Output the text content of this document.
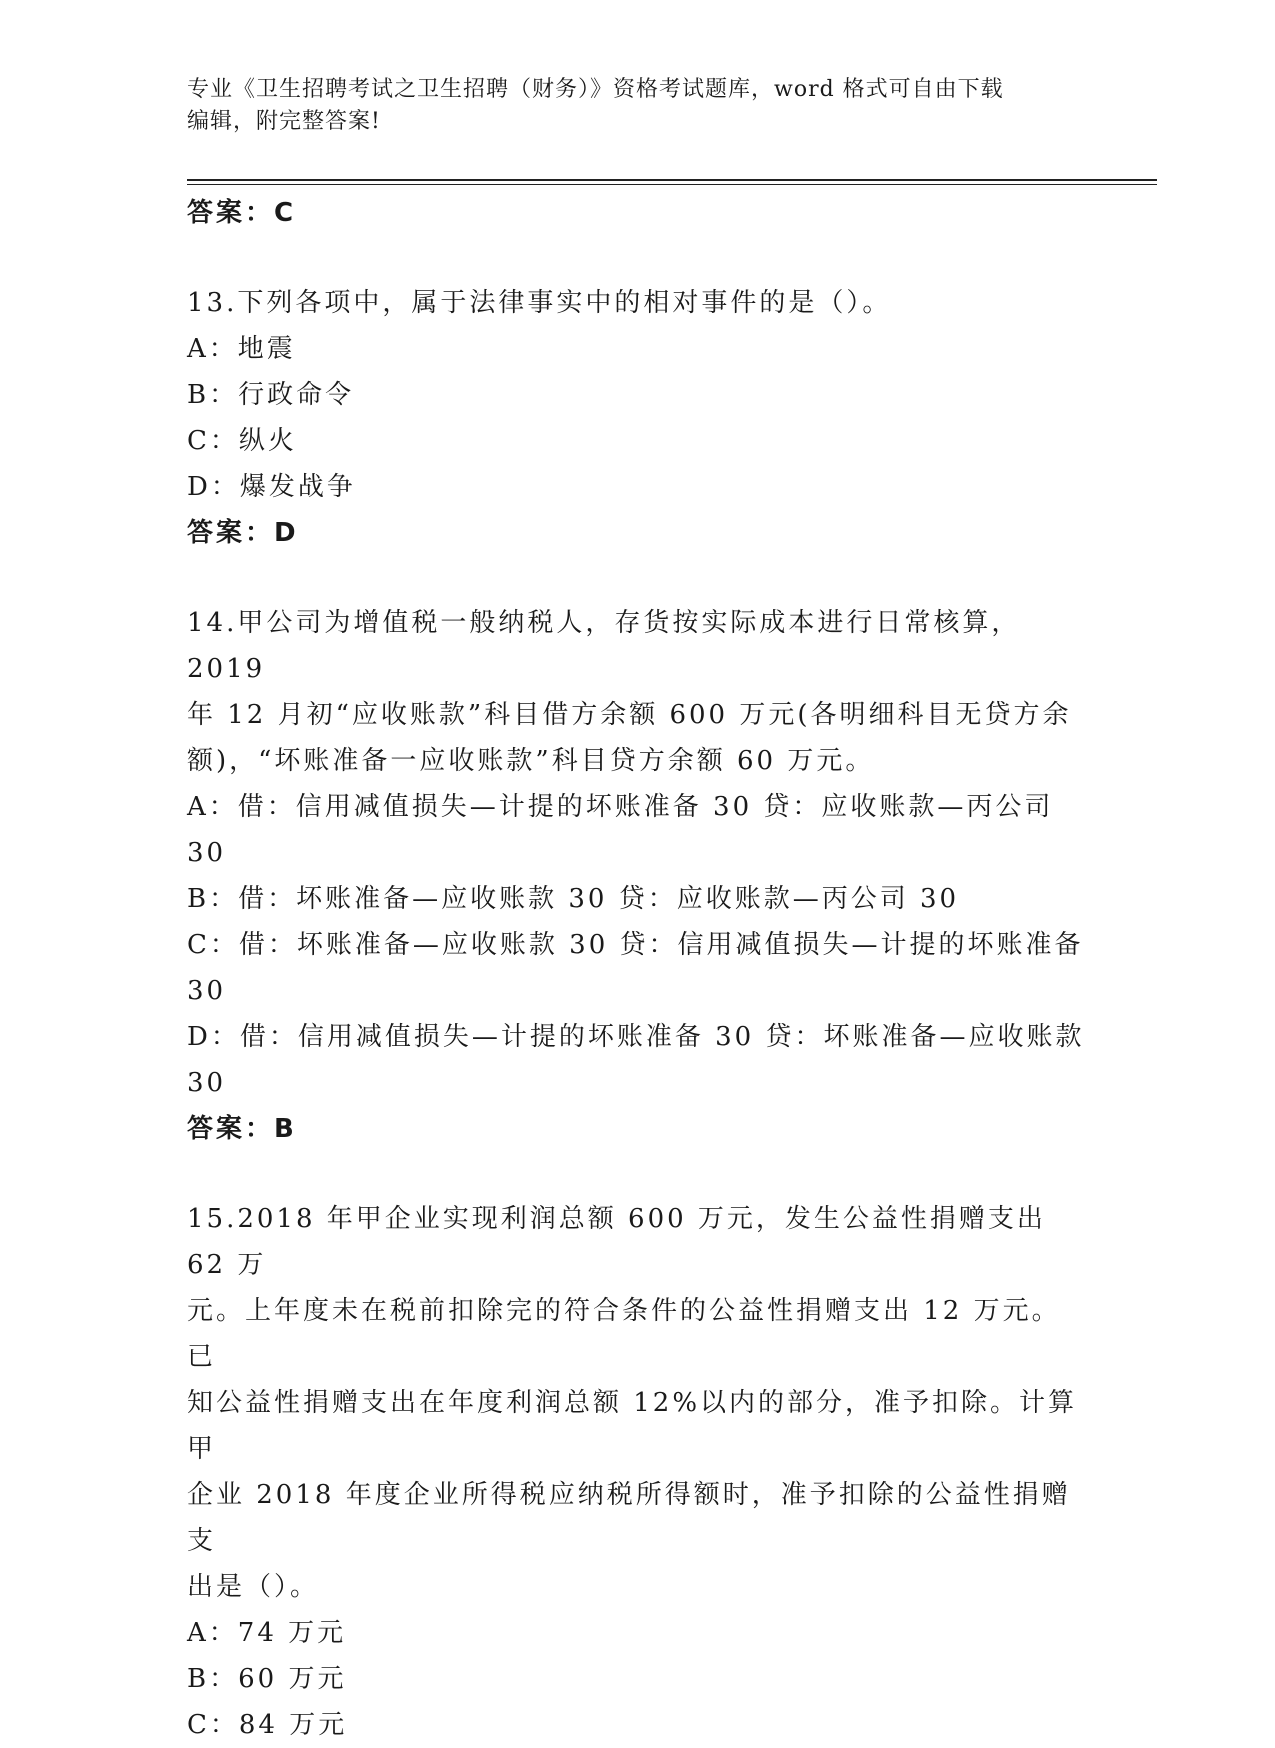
专业《卫生招聘考试之卫生招聘（财务）》资格考试题库，word 格式可自由下载
编辑，附完整答案!

答案：C

13.下列各项中，属于法律事实中的相对事件的是（）。

A：地震

B：行政命令

C：纵火

D：爆发战争

答案：D

14.甲公司为增值税一般纳税人，存货按实际成本进行日常核算，2019

年 12 月初“应收账款”科目借方余额 600 万元(各明细科目无贷方余

额)，“坏账准备一应收账款”科目贷方余额 60 万元。

A：借：信用减值损失—计提的坏账准备 30 贷：应收账款—丙公司 30

B：借：坏账准备—应收账款 30 贷：应收账款—丙公司 30

C：借：坏账准备—应收账款 30 贷：信用减值损失—计提的坏账准备

30

D：借：信用减值损失—计提的坏账准备 30 贷：坏账准备—应收账款

30

答案：B

15.2018 年甲企业实现利润总额 600 万元，发生公益性捐赠支出 62 万

元。上年度未在税前扣除完的符合条件的公益性捐赠支出 12 万元。已

知公益性捐赠支出在年度利润总额 12%以内的部分，准予扣除。计算甲

企业 2018 年度企业所得税应纳税所得额时，准予扣除的公益性捐赠支

出是（）。

A：74 万元

B：60 万元

C：84 万元
